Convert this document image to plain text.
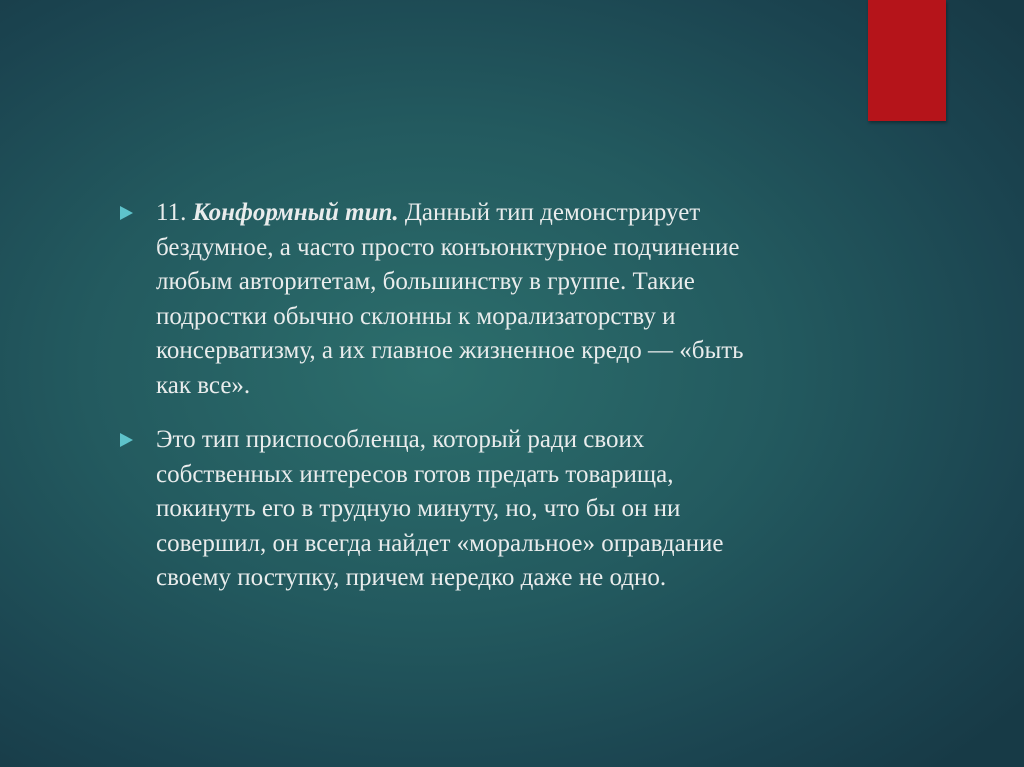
11. Конформный тип. Данный тип демонстрирует
бездумное, а часто просто конъюнктурное подчинение
любым авторитетам, большинству в группе. Такие
подростки обычно склонны к морализаторству и
консерватизму, а их главное жизненное кредо — «быть
как все».
Это тип приспособленца, который ради своих
собственных интересов готов предать товарища,
покинуть его в трудную минуту, но, что бы он ни
совершил, он всегда найдет «моральное» оправдание
своему поступку, причем нередко даже не одно.
